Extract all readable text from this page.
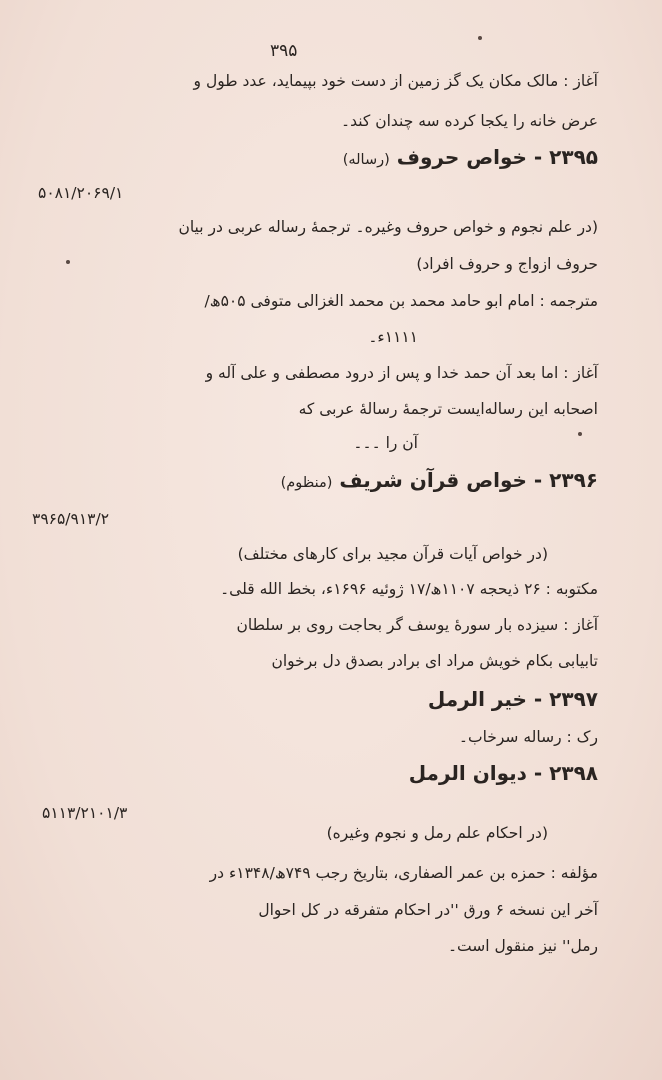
۳۹۵
آغاز : مالک مکان یک گز زمین از دست خود بپیماید، عدد طول و
عرض خانه را یکجا کرده سه چندان کند۔
۲۳۹۵ - خواص حروف (رساله)
۵۰۸۱/۲۰۶۹/۱
(در علم نجوم و خواص حروف وغیره۔ ترجمۀ رساله عربی در بیان
حروف ازواج و حروف افراد)
مترجمه : امام ابو حامد محمد بن محمد الغزالی متوفی ۵۰۵ھ/
۱۱۱۱ء۔
آغاز : اما بعد آن حمد خدا و پس از درود مصطفی و علی آله و
اصحابه این رساله‌ایست ترجمۀ رسالۀ عربی که
آن را ۔۔۔
۲۳۹۶ - خواص قرآن شریف (منظوم)
۳۹۶۵/۹۱۳/۲
(در خواص آیات قرآن مجید برای کارهای مختلف)
مکتوبه : ۲۶ ذیحجه ۱۱۰۷ھ/۱۷ ژوئیه ۱۶۹۶ء، بخط الله قلی۔
آغاز : سیزده بار سورۀ یوسف گر بحاجت روی بر سلطان
تابیابی بکام خویش مراد ای برادر بصدق دل برخوان
۲۳۹۷ - خیر الرمل
رک : رساله سرخاب۔
۲۳۹۸ - دیوان الرمل
۵۱۱۳/۲۱۰۱/۳
(در احکام علم رمل و نجوم وغیره)
مؤلفه : حمزه بن عمر الصفاری، بتاریخ رجب ۷۴۹ھ/۱۳۴۸ء در
آخر این نسخه ۶ ورق ''در احکام متفرقه در کل احوال
رمل'' نیز منقول است۔
